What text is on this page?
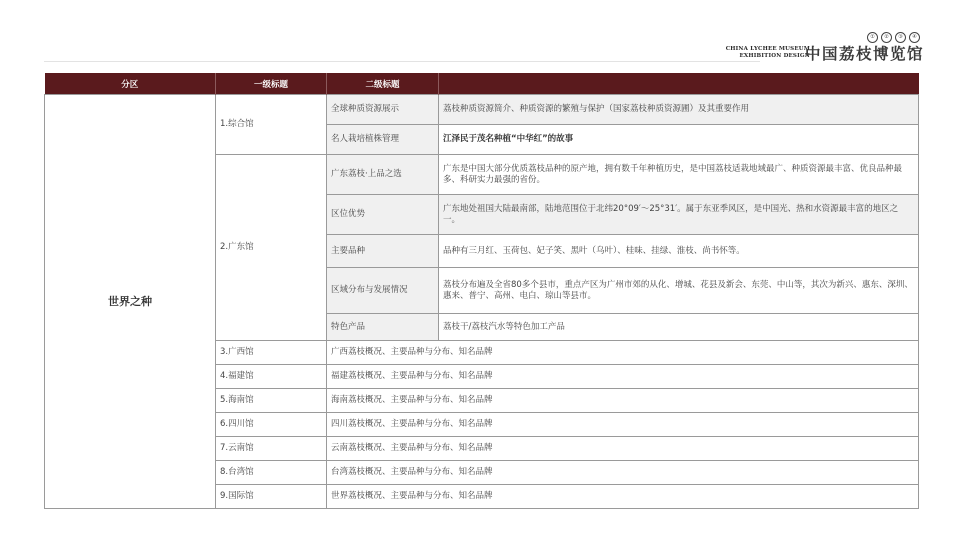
①	②	③	④
CHINA LYCHEE MUSEUM
EXHIBITION DESIGN
中国荔枝博览馆
分区	一级标题	二级标题	
世界之种	1.综合馆	全球种质资源展示	荔枝种质资源简介、种质资源的繁殖与保护（国家荔枝种质资源圃）及其重要作用
		名人栽培植株管理	江泽民于茂名种植“中华红”的故事
	2.广东馆	广东荔枝·上品之选	广东是中国大部分优质荔枝品种的原产地，拥有数千年种植历史，是中国荔枝适栽地域最广、种质资源最丰富、优良品种最多、科研实力最强的省份。
		区位优势	广东地处祖国大陆最南部，陆地范围位于北纬20°09′～25°31′。属于东亚季风区，是中国光、热和水资源最丰富的地区之一。
		主要品种	品种有三月红、玉荷包、妃子笑、黑叶（乌叶）、桂味、挂绿、淮枝、尚书怀等。
		区域分布与发展情况	荔枝分布遍及全省80多个县市，重点产区为广州市郊的从化、增城、花县及新会、东莞、中山等，其次为新兴、惠东、深圳、惠来、普宁、高州、电白、琼山等县市。
		特色产品	荔枝干/荔枝汽水等特色加工产品
	3.广西馆	广西荔枝概况、主要品种与分布、知名品牌	
	4.福建馆	福建荔枝概况、主要品种与分布、知名品牌	
	5.海南馆	海南荔枝概况、主要品种与分布、知名品牌	
	6.四川馆	四川荔枝概况、主要品种与分布、知名品牌	
	7.云南馆	云南荔枝概况、主要品种与分布、知名品牌	
	8.台湾馆	台湾荔枝概况、主要品种与分布、知名品牌	
	9.国际馆	世界荔枝概况、主要品种与分布、知名品牌	
